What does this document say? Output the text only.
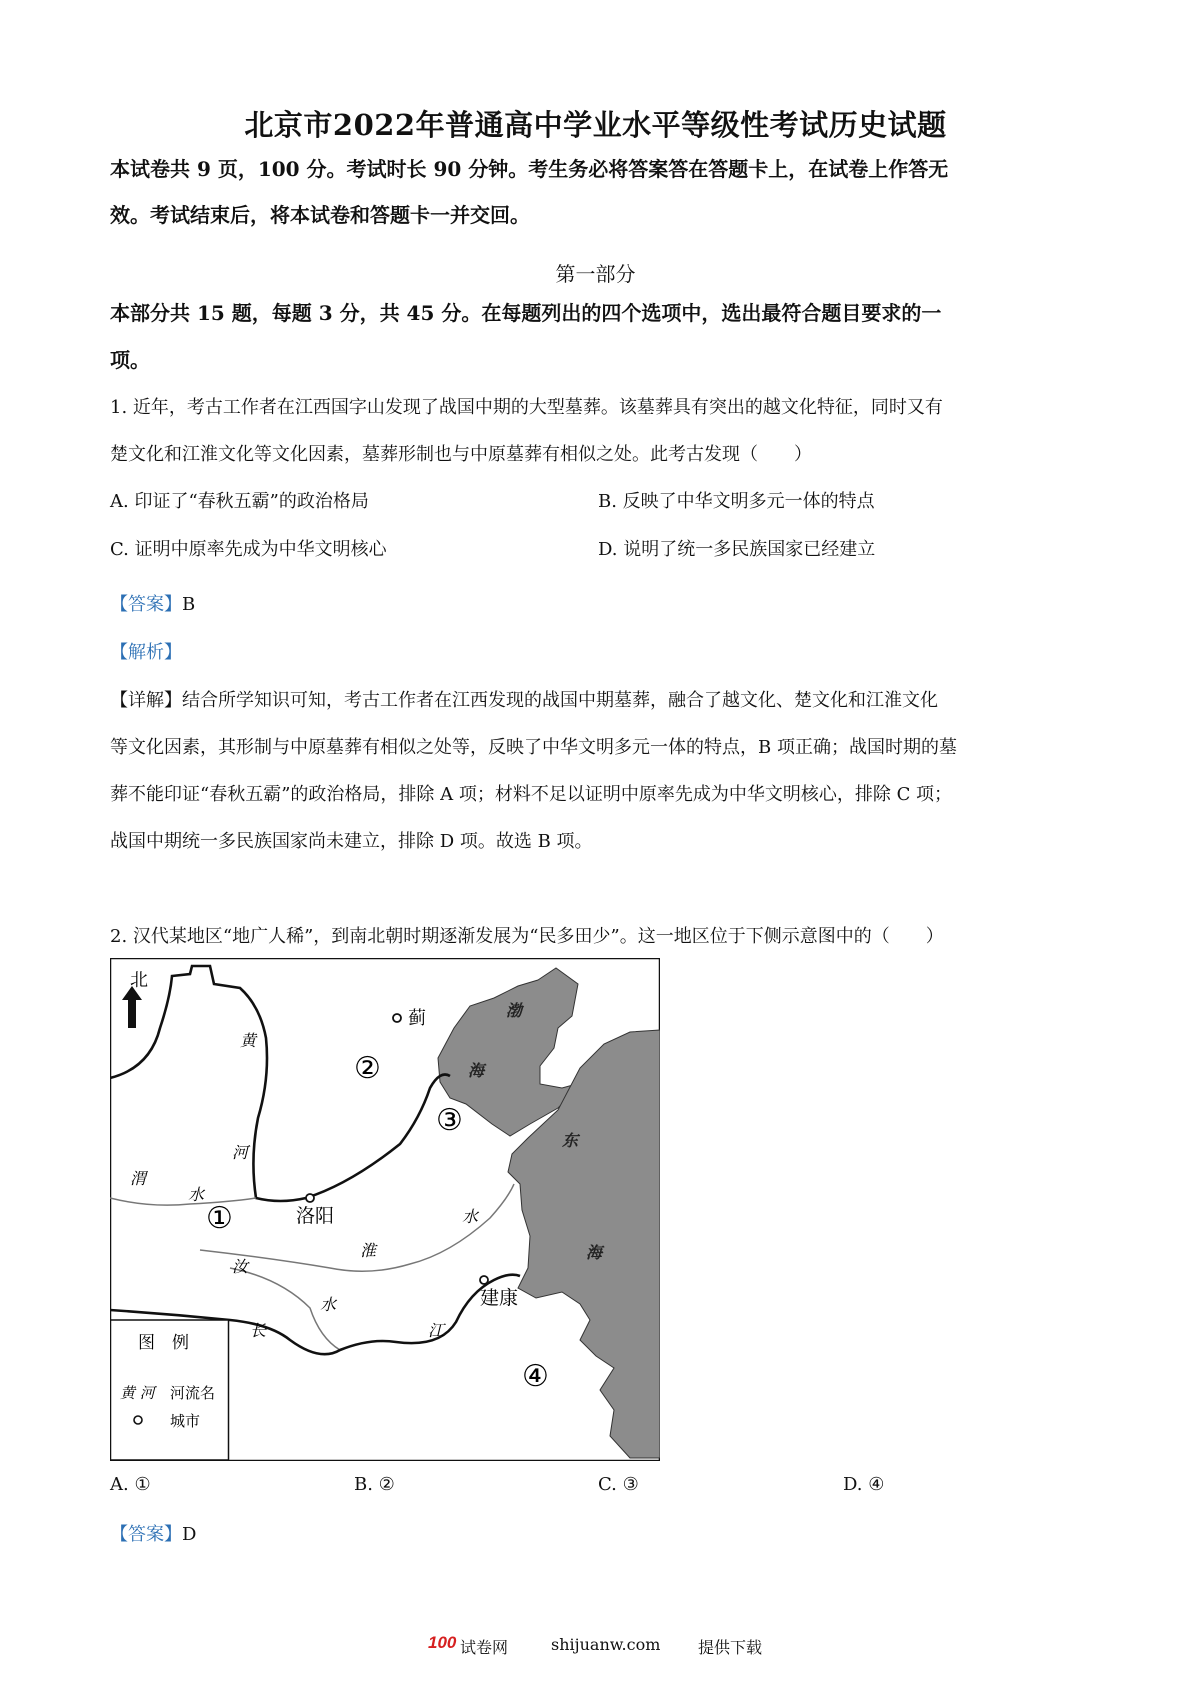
北京市2022年普通高中学业水平等级性考试历史试题
本试卷共 9 页，100 分。考试时长 90 分钟。考生务必将答案答在答题卡上，在试卷上作答无
效。考试结束后，将本试卷和答题卡一并交回。
第一部分
本部分共 15 题，每题 3 分，共 45 分。在每题列出的四个选项中，选出最符合题目要求的一
项。
1. 近年，考古工作者在江西国字山发现了战国中期的大型墓葬。该墓葬具有突出的越文化特征，同时又有
楚文化和江淮文化等文化因素，墓葬形制也与中原墓葬有相似之处。此考古发现（　　）
A. 印证了“春秋五霸”的政治格局	B. 反映了中华文明多元一体的特点
C. 证明中原率先成为中华文明核心	D. 说明了统一多民族国家已经建立
【答案】B
【解析】
【详解】结合所学知识可知，考古工作者在江西发现的战国中期墓葬，融合了越文化、楚文化和江淮文化
等文化因素，其形制与中原墓葬有相似之处等，反映了中华文明多元一体的特点，B 项正确；战国时期的墓
葬不能印证“春秋五霸”的政治格局，排除 A 项；材料不足以证明中原率先成为中华文明核心，排除 C 项；
战国中期统一多民族国家尚未建立，排除 D 项。故选 B 项。
2. 汉代某地区“地广人稀”，到南北朝时期逐渐发展为“民多田少”。这一地区位于下侧示意图中的（　　）
北
黄
河
渭
水
淮
水
汝
水
长	江
渤
海
东
海
蓟
洛阳
建康
①
②
③
④
图　例
黄 河 河流名
城市
A. ①	B. ②	C. ③	D. ④
【答案】D
100 试卷网	shijuanw.com 提供下载
